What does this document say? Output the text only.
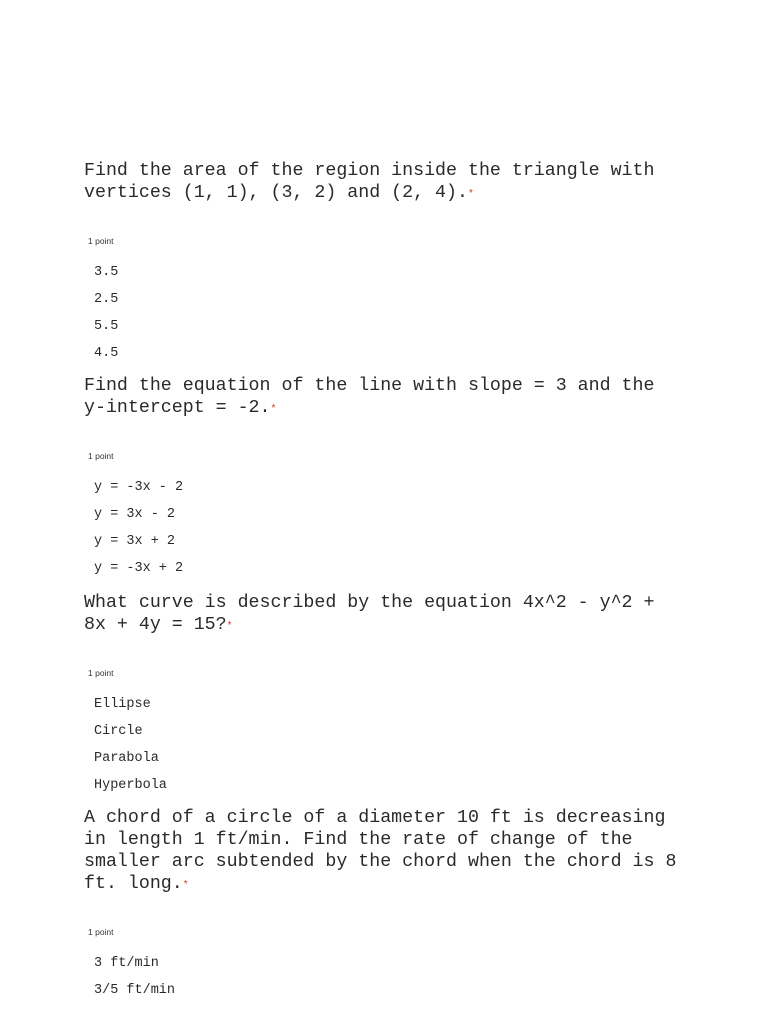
Find the area of the region inside the triangle with vertices (1, 1), (3, 2) and (2, 4).*

1 point
3.5
2.5
5.5
4.5

Find the equation of the line with slope = 3 and the y-intercept = -2.*

1 point
y = -3x - 2
y = 3x - 2
y = 3x + 2
y = -3x + 2

What curve is described by the equation 4x^2 - y^2 + 8x + 4y = 15?*

1 point
Ellipse
Circle
Parabola
Hyperbola

A chord of a circle of a diameter 10 ft is decreasing in length 1 ft/min. Find the rate of change of the smaller arc subtended by the chord when the chord is 8 ft. long.*

1 point
3 ft/min
3/5 ft/min
